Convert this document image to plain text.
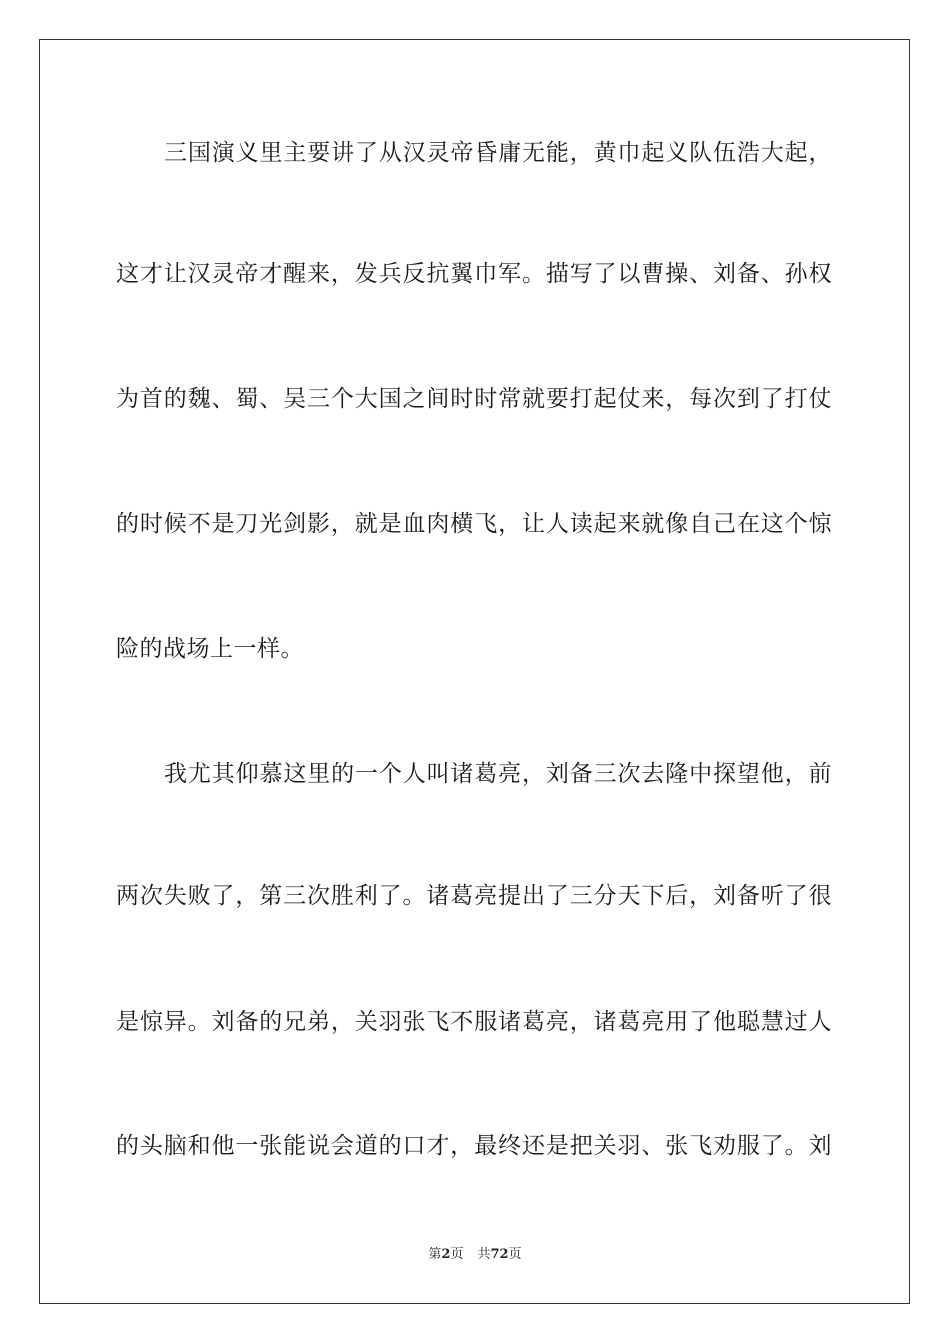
三国演义里主要讲了从汉灵帝昏庸无能，黄巾起义队伍浩大起，
这才让汉灵帝才醒来，发兵反抗翼巾军。描写了以曹操、刘备、孙权
为首的魏、蜀、吴三个大国之间时时常就要打起仗来，每次到了打仗
的时候不是刀光剑影，就是血肉横飞，让人读起来就像自己在这个惊
险的战场上一样。
我尤其仰慕这里的一个人叫诸葛亮，刘备三次去隆中探望他，前
两次失败了，第三次胜利了。诸葛亮提出了三分天下后，刘备听了很
是惊异。刘备的兄弟，关羽张飞不服诸葛亮，诸葛亮用了他聪慧过人
的头脑和他一张能说会道的口才，最终还是把关羽、张飞劝服了。刘
第2页 共72页
